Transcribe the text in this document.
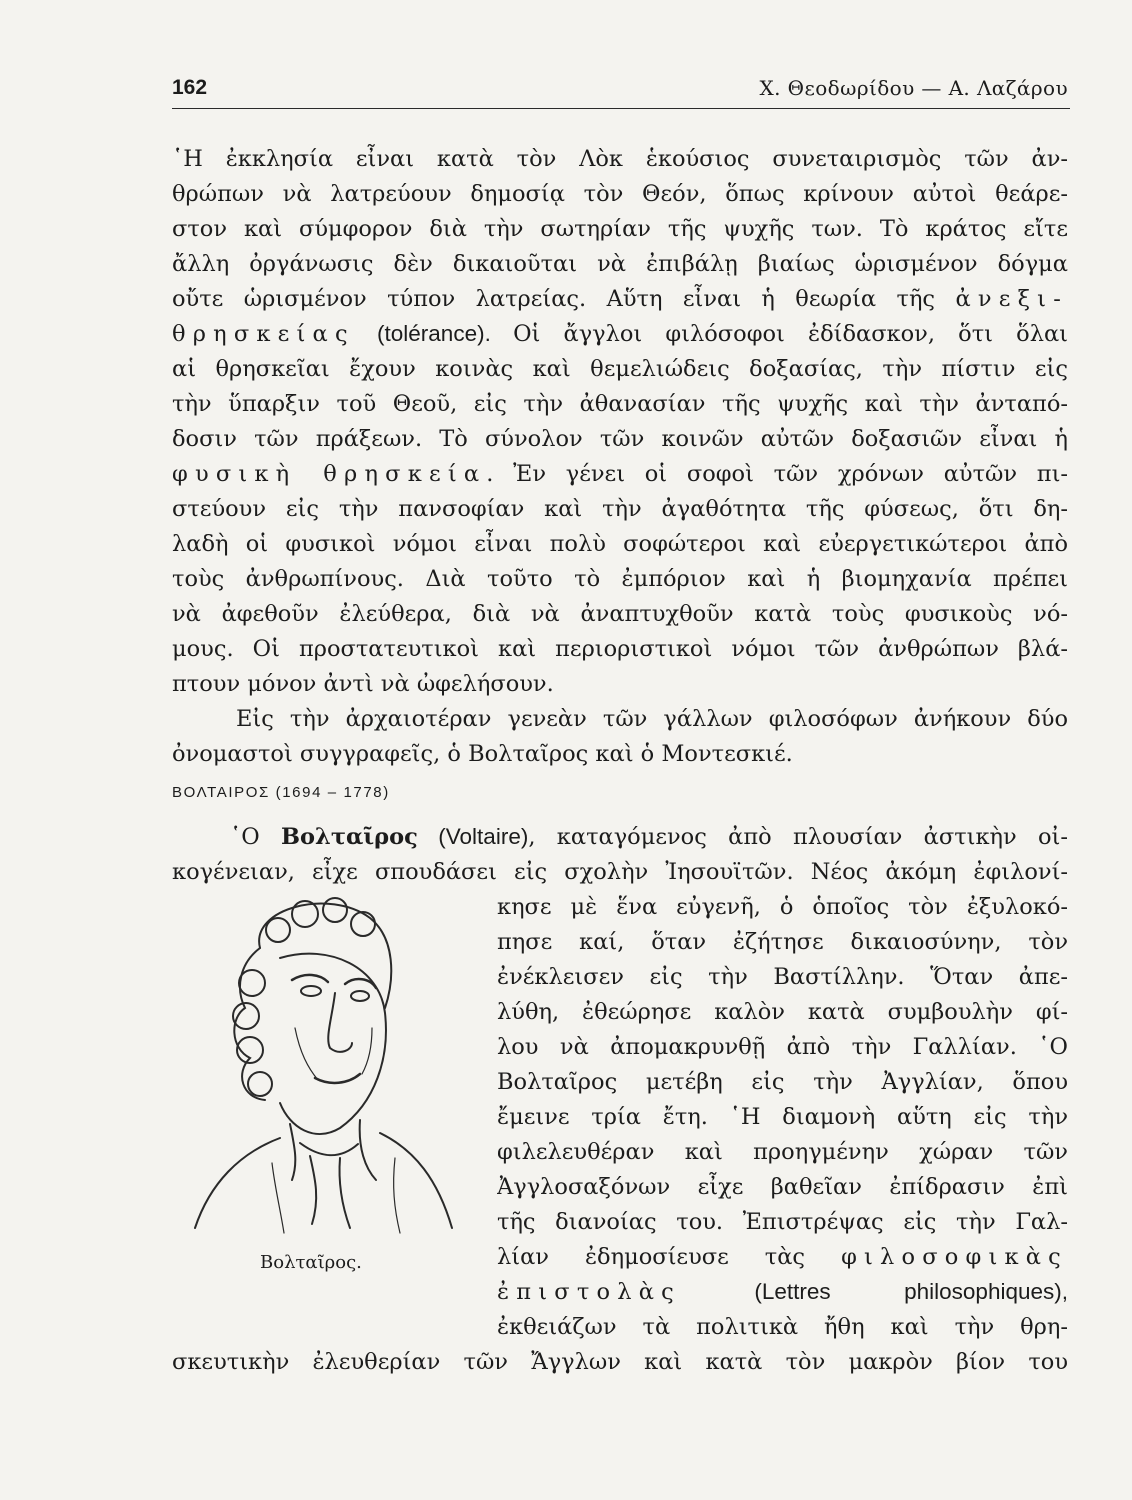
162	Χ. Θεοδωρίδου — Α. Λαζάρου
῾Η ἐκκλησία εἶναι κατὰ τὸν Λὸκ ἑκούσιος συνεταιρισμὸς τῶν ἀν-
θρώπων νὰ λατρεύουν δημοσίᾳ τὸν Θεόν, ὅπως κρίνουν αὐτοὶ θεάρε-
στον καὶ σύμφορον διὰ τὴν σωτηρίαν τῆς ψυχῆς των. Τὸ κράτος εἴτε
ἄλλη ὀργάνωσις δὲν δικαιοῦται νὰ ἐπιβάλῃ βιαίως ὡρισμένον δόγμα
οὔτε ὡρισμένον τύπον λατρείας. Αὕτη εἶναι ἡ θεωρία τῆς ἀνεξι-
θρησκείας (tolérance). Οἱ ἄγγλοι φιλόσοφοι ἐδίδασκον, ὅτι ὅλαι
αἱ θρησκεῖαι ἔχουν κοινὰς καὶ θεμελιώδεις δοξασίας, τὴν πίστιν εἰς
τὴν ὕπαρξιν τοῦ Θεοῦ, εἰς τὴν ἀθανασίαν τῆς ψυχῆς καὶ τὴν ἀνταπό-
δοσιν τῶν πράξεων. Τὸ σύνολον τῶν κοινῶν αὐτῶν δοξασιῶν εἶναι ἡ
φυσικὴ θρησκεία. Ἐν γένει οἱ σοφοὶ τῶν χρόνων αὐτῶν πι-
στεύουν εἰς τὴν πανσοφίαν καὶ τὴν ἀγαθότητα τῆς φύσεως, ὅτι δη-
λαδὴ οἱ φυσικοὶ νόμοι εἶναι πολὺ σοφώτεροι καὶ εὐεργετικώτεροι ἀπὸ
τοὺς ἀνθρωπίνους. Διὰ τοῦτο τὸ ἐμπόριον καὶ ἡ βιομηχανία πρέπει
νὰ ἀφεθοῦν ἐλεύθερα, διὰ νὰ ἀναπτυχθοῦν κατὰ τοὺς φυσικοὺς νό-
μους. Οἱ προστατευτικοὶ καὶ περιοριστικοὶ νόμοι τῶν ἀνθρώπων βλά-
πτουν μόνον ἀντὶ νὰ ὠφελήσουν.
Εἰς τὴν ἀρχαιοτέραν γενεὰν τῶν γάλλων φιλοσόφων ἀνήκουν δύο
ὀνομαστοὶ συγγραφεῖς, ὁ Βολταῖρος καὶ ὁ Μοντεσκιέ.
ΒΟΛΤΑΙΡΟΣ (1694 – 1778)
῾Ο Βολταῖρος (Voltaire), καταγόμενος ἀπὸ πλουσίαν ἀστικὴν οἰ-
κογένειαν, εἶχε σπουδάσει εἰς σχολὴν Ἰησουϊτῶν. Νέος ἀκόμη ἐφιλονί-
κησε μὲ ἕνα εὐγενῆ, ὁ ὁποῖος τὸν ἐξυλοκό-
πησε καί, ὅταν ἐζήτησε δικαιοσύνην, τὸν
ἐνέκλεισεν εἰς τὴν Βαστίλλην. Ὅταν ἀπε-
λύθη, ἐθεώρησε καλὸν κατὰ συμβουλὴν φί-
λου νὰ ἀπομακρυνθῇ ἀπὸ τὴν Γαλλίαν. ῾Ο
Βολταῖρος μετέβη εἰς τὴν Ἀγγλίαν, ὅπου
ἔμεινε τρία ἔτη. ῾Η διαμονὴ αὕτη εἰς τὴν
φιλελευθέραν καὶ προηγμένην χώραν τῶν
Ἀγγλοσαξόνων εἶχε βαθεῖαν ἐπίδρασιν ἐπὶ
τῆς διανοίας του. Ἐπιστρέψας εἰς τὴν Γαλ-
λίαν ἐδημοσίευσε τὰς φιλοσοφικὰς
ἐπιστολὰς (Lettres philosophiques),
ἐκθειάζων τὰ πολιτικὰ ἤθη καὶ τὴν θρη-
σκευτικὴν ἐλευθερίαν τῶν Ἄγγλων καὶ κατὰ τὸν μακρὸν βίον του
Βολταῖρος.
